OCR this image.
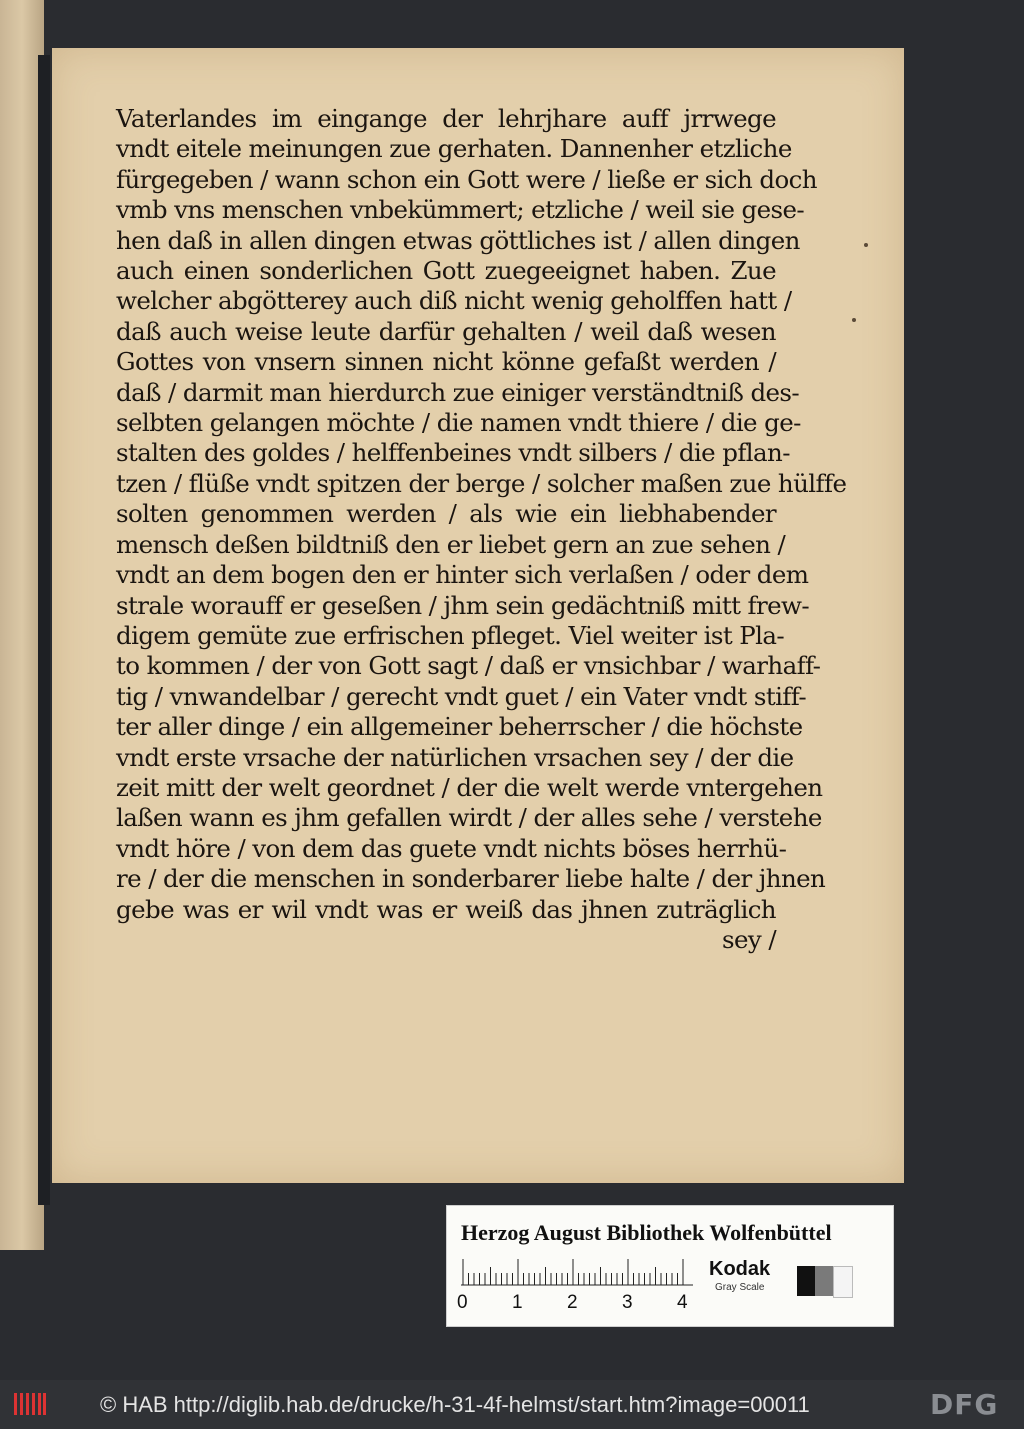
Vaterlandes im eingange der lehrjhare auff jrrwege
vndt eitele meinungen zue gerhaten. Dannenher etzliche
fürgegeben / wann schon ein Gott were / ließe er sich doch
vmb vns menschen vnbekümmert; etzliche / weil sie gese-
hen daß in allen dingen etwas göttliches ist / allen dingen
auch einen sonderlichen Gott zuegeeignet haben. Zue
welcher abgötterey auch diß nicht wenig geholffen hatt /
daß auch weise leute darfür gehalten / weil daß wesen
Gottes von vnsern sinnen nicht könne gefaßt werden /
daß / darmit man hierdurch zue einiger verständtniß des-
selbten gelangen möchte / die namen vndt thiere / die ge-
stalten des goldes / helffenbeines vndt silbers / die pflan-
tzen / flüße vndt spitzen der berge / solcher maßen zue hülffe
solten genommen werden / als wie ein liebhabender
mensch deßen bildtniß den er liebet gern an zue sehen /
vndt an dem bogen den er hinter sich verlaßen / oder dem
strale worauff er geseßen / jhm sein gedächtniß mitt frew-
digem gemüte zue erfrischen pfleget. Viel weiter ist Pla-
to kommen / der von Gott sagt / daß er vnsichbar / warhaff-
tig / vnwandelbar / gerecht vndt guet / ein Vater vndt stiff-
ter aller dinge / ein allgemeiner beherrscher / die höchste
vndt erste vrsache der natürlichen vrsachen sey / der die
zeit mitt der welt geordnet / der die welt werde vntergehen
laßen wann es jhm gefallen wirdt / der alles sehe / verstehe
vndt höre / von dem das guete vndt nichts böses herrhü-
re / der die menschen in sonderbarer liebe halte / der jhnen
gebe was er wil vndt was er weiß das jhnen zuträglich
sey /
Herzog August Bibliothek Wolfenbüttel
0 1 2 3 4
Kodak
Gray Scale
© HAB http://diglib.hab.de/drucke/h-31-4f-helmst/start.htm?image=00011	DFG
